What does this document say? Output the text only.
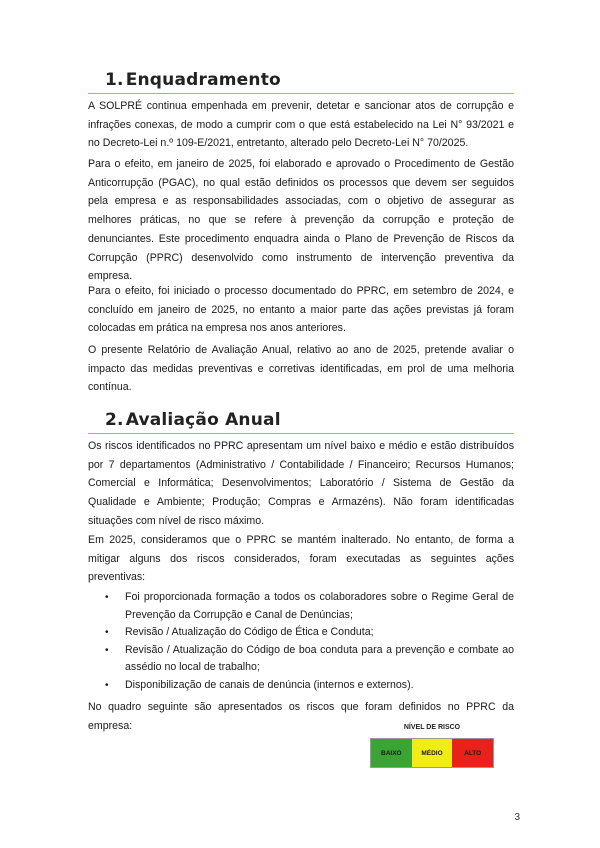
1. Enquadramento

A SOLPRÉ continua empenhada em prevenir, detetar e sancionar atos de corrupção e infrações conexas, de modo a cumprir com o que está estabelecido na Lei N° 93/2021 e no Decreto-Lei n.º 109-E/2021, entretanto, alterado pelo Decreto-Lei N° 70/2025.

Para o efeito, em janeiro de 2025, foi elaborado e aprovado o Procedimento de Gestão Anticorrupção (PGAC), no qual estão definidos os processos que devem ser seguidos pela empresa e as responsabilidades associadas, com o objetivo de assegurar as melhores práticas, no que se refere à prevenção da corrupção e proteção de denunciantes. Este procedimento enquadra ainda o Plano de Prevenção de Riscos da Corrupção (PPRC) desenvolvido como instrumento de intervenção preventiva da empresa.

Para o efeito, foi iniciado o processo documentado do PPRC, em setembro de 2024, e concluído em janeiro de 2025, no entanto a maior parte das ações previstas já foram colocadas em prática na empresa nos anos anteriores.

O presente Relatório de Avaliação Anual, relativo ao ano de 2025, pretende avaliar o impacto das medidas preventivas e corretivas identificadas, em prol de uma melhoria contínua.

2. Avaliação Anual

Os riscos identificados no PPRC apresentam um nível baixo e médio e estão distribuídos por 7 departamentos (Administrativo / Contabilidade / Financeiro; Recursos Humanos; Comercial e Informática; Desenvolvimentos; Laboratório / Sistema de Gestão da Qualidade e Ambiente; Produção; Compras e Armazéns). Não foram identificadas situações com nível de risco máximo.

Em 2025, consideramos que o PPRC se mantém inalterado. No entanto, de forma a mitigar alguns dos riscos considerados, foram executadas as seguintes ações preventivas:

• Foi proporcionada formação a todos os colaboradores sobre o Regime Geral de Prevenção da Corrupção e Canal de Denúncias;
• Revisão / Atualização do Código de Ética e Conduta;
• Revisão / Atualização do Código de boa conduta para a prevenção e combate ao assédio no local de trabalho;
• Disponibilização de canais de denúncia (internos e externos).

No quadro seguinte são apresentados os riscos que foram definidos no PPRC da empresa:	NÍVEL DE RISCO
BAIXO	MÉDIO	ALTO
3
